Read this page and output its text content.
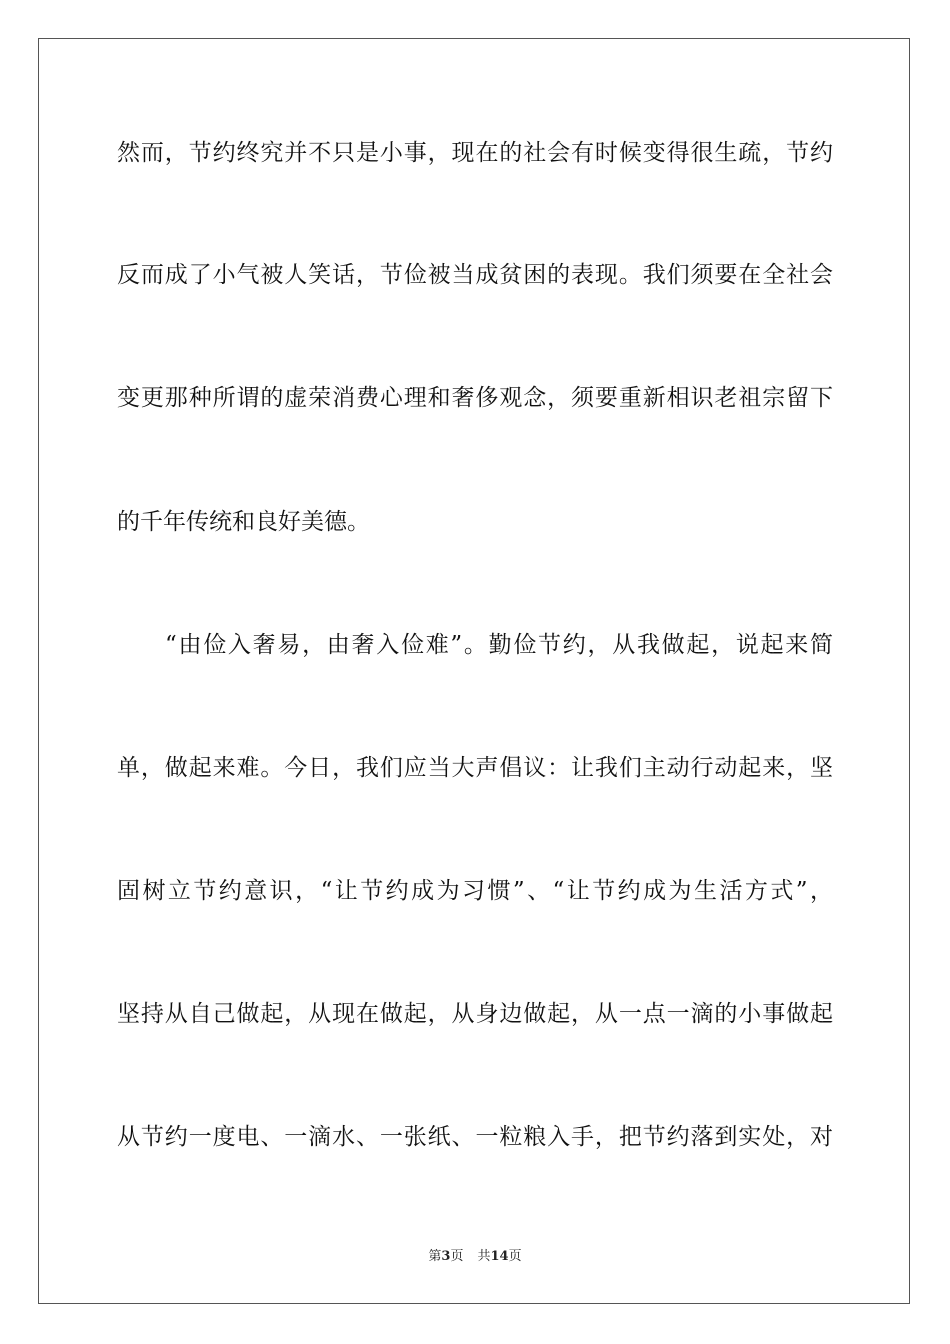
然而，节约终究并不只是小事，现在的社会有时候变得很生疏，节约
反而成了小气被人笑话，节俭被当成贫困的表现。我们须要在全社会
变更那种所谓的虚荣消费心理和奢侈观念，须要重新相识老祖宗留下
的千年传统和良好美德。
“由俭入奢易，由奢入俭难”。勤俭节约，从我做起，说起来简
单，做起来难。今日，我们应当大声倡议：让我们主动行动起来，坚
固树立节约意识，“让节约成为习惯”、“让节约成为生活方式”，
坚持从自己做起，从现在做起，从身边做起，从一点一滴的小事做起
从节约一度电、一滴水、一张纸、一粒粮入手，把节约落到实处，对
第3页 共14页
